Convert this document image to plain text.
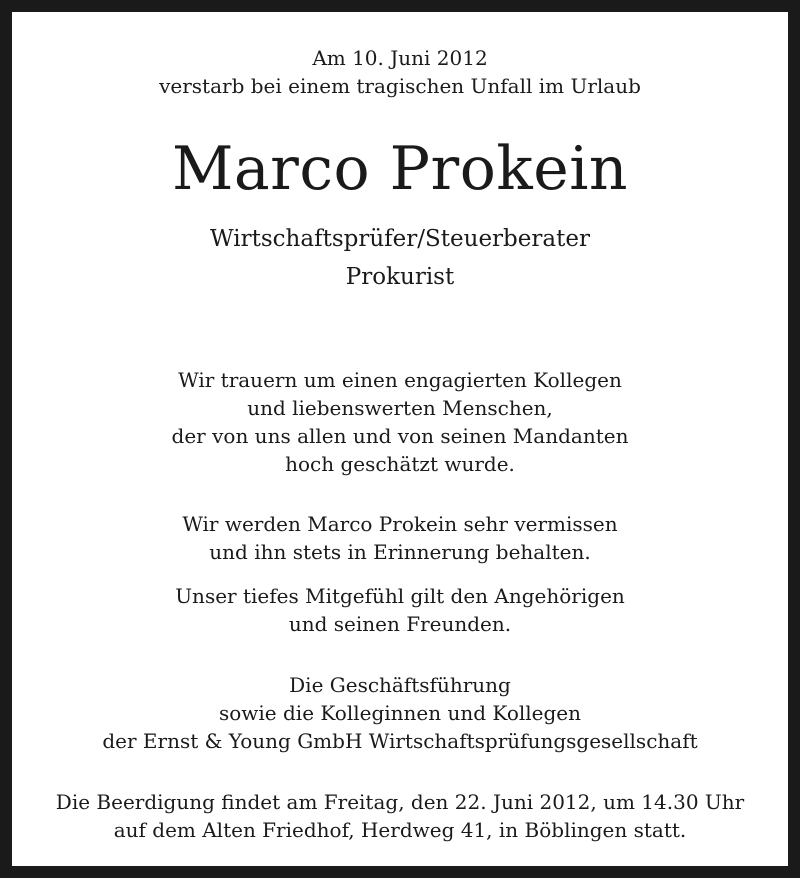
Am 10. Juni 2012
verstarb bei einem tragischen Unfall im Urlaub
Marco Prokein
Wirtschaftsprüfer/Steuerberater
Prokurist
Wir trauern um einen engagierten Kollegen
und liebenswerten Menschen,
der von uns allen und von seinen Mandanten
hoch geschätzt wurde.
Wir werden Marco Prokein sehr vermissen
und ihn stets in Erinnerung behalten.
Unser tiefes Mitgefühl gilt den Angehörigen
und seinen Freunden.
Die Geschäftsführung
sowie die Kolleginnen und Kollegen
der Ernst & Young GmbH Wirtschaftsprüfungsgesellschaft
Die Beerdigung findet am Freitag, den 22. Juni 2012, um 14.30 Uhr
auf dem Alten Friedhof, Herdweg 41, in Böblingen statt.
